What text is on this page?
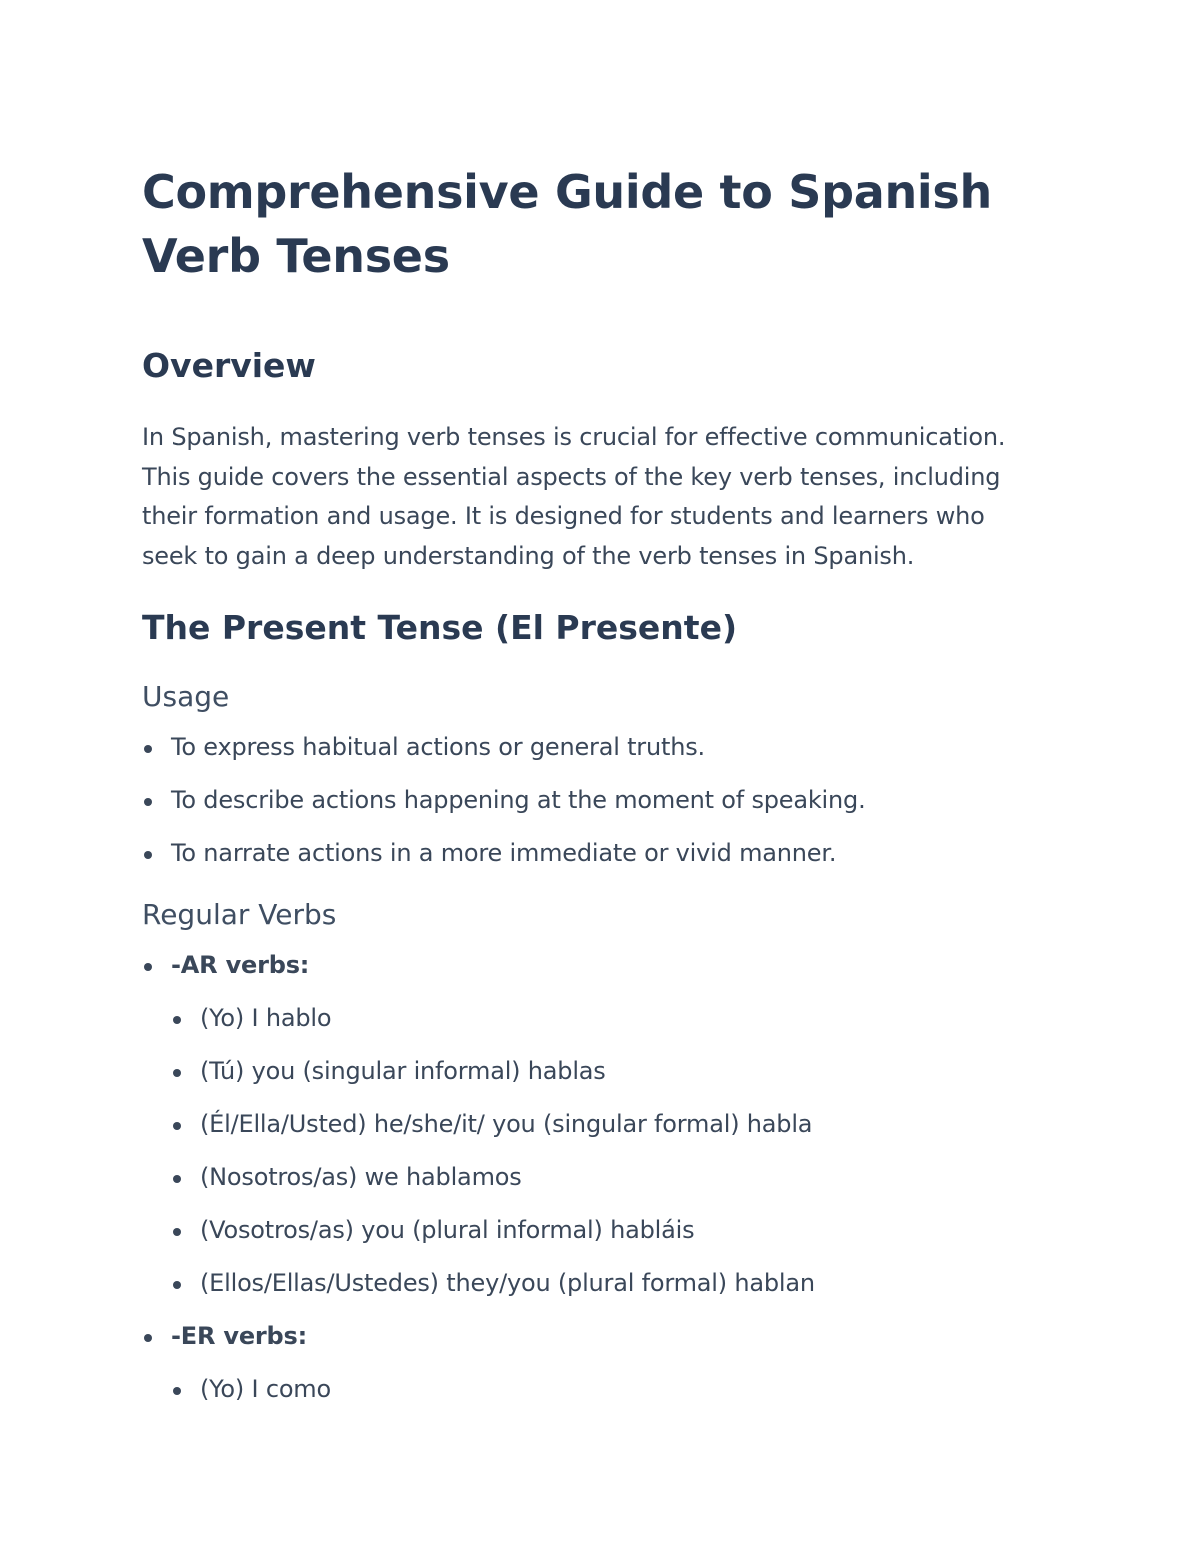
Comprehensive Guide to Spanish Verb Tenses
Overview

In Spanish, mastering verb tenses is crucial for effective communication. This guide covers the essential aspects of the key verb tenses, including their formation and usage. It is designed for students and learners who seek to gain a deep understanding of the verb tenses in Spanish.

The Present Tense (El Presente)
Usage
To express habitual actions or general truths.
To describe actions happening at the moment of speaking.
To narrate actions in a more immediate or vivid manner.
Regular Verbs
-AR verbs:
(Yo) I hablo
(Tú) you (singular informal) hablas
(Él/Ella/Usted) he/she/it/ you (singular formal) habla
(Nosotros/as) we hablamos
(Vosotros/as) you (plural informal) habláis
(Ellos/Ellas/Ustedes) they/you (plural formal) hablan
-ER verbs:
(Yo) I como
